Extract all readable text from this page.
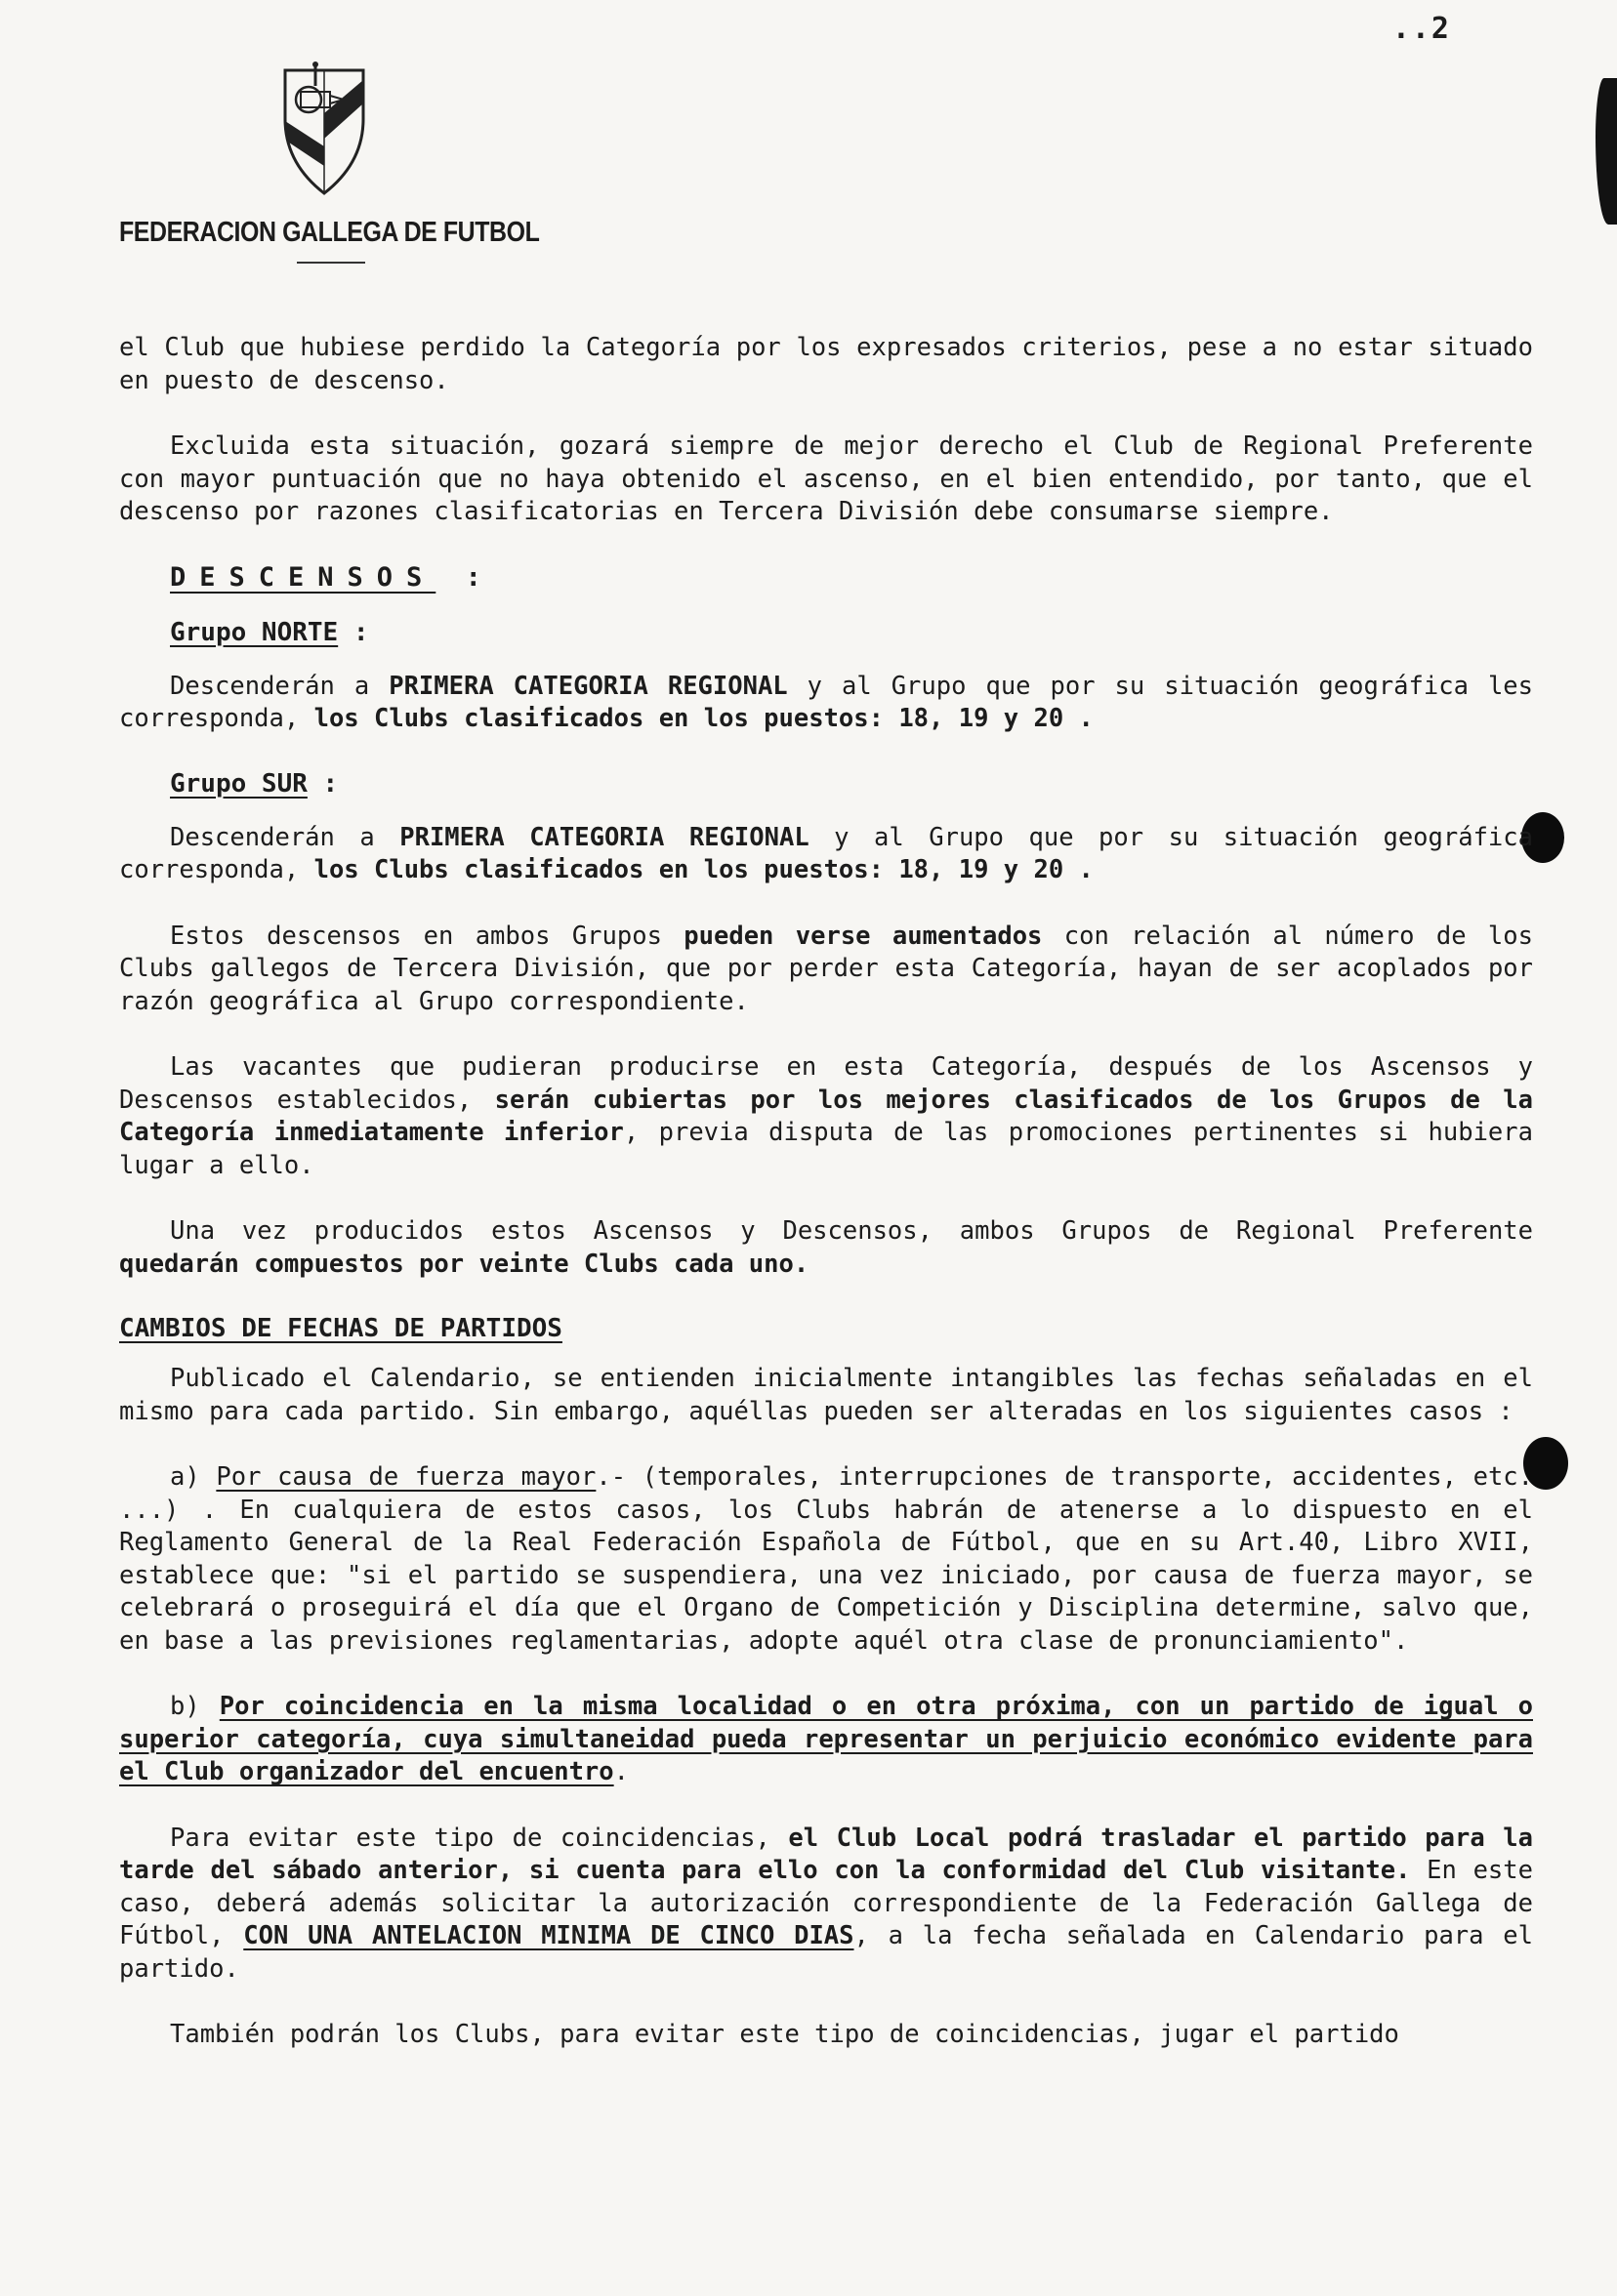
..2
FEDERACION GALLEGA DE FUTBOL

el Club que hubiese perdido la Categoría por los expresados criterios, pese a no estar situado en puesto de descenso.

Excluida esta situación, gozará siempre de mejor derecho el Club de Regional Preferente con mayor puntuación que no haya obtenido el ascenso, en el bien entendido, por tanto, que el descenso por razones clasificatorias en Tercera División debe consumarse siempre.

DESCENSOS :
Grupo NORTE :

Descenderán a PRIMERA CATEGORIA REGIONAL y al Grupo que por su situación geográfica les corresponda, los Clubs clasificados en los puestos: 18, 19 y 20 .

Grupo SUR :

Descenderán a PRIMERA CATEGORIA REGIONAL y al Grupo que por su situación geográfica corresponda, los Clubs clasificados en los puestos: 18, 19 y 20 .

Estos descensos en ambos Grupos pueden verse aumentados con relación al número de los Clubs gallegos de Tercera División, que por perder esta Categoría, hayan de ser acoplados por razón geográfica al Grupo correspondiente.

Las vacantes que pudieran producirse en esta Categoría, después de los Ascensos y Descensos establecidos, serán cubiertas por los mejores clasificados de los Grupos de la Categoría inmediatamente inferior, previa disputa de las promociones pertinentes si hubiera lugar a ello.

Una vez producidos estos Ascensos y Descensos, ambos Grupos de Regional Preferente quedarán compuestos por veinte Clubs cada uno.

CAMBIOS DE FECHAS DE PARTIDOS

Publicado el Calendario, se entienden inicialmente intangibles las fechas señaladas en el mismo para cada partido. Sin embargo, aquéllas pueden ser alteradas en los siguientes casos :

a) Por causa de fuerza mayor.- (temporales, interrupciones de transporte, accidentes, etc. ...) . En cualquiera de estos casos, los Clubs habrán de atenerse a lo dispuesto en el Reglamento General de la Real Federación Española de Fútbol, que en su Art.40, Libro XVII, establece que: "si el partido se suspendiera, una vez iniciado, por causa de fuerza mayor, se celebrará o proseguirá el día que el Organo de Competición y Disciplina determine, salvo que, en base a las previsiones reglamentarias, adopte aquél otra clase de pronunciamiento".

b) Por coincidencia en la misma localidad o en otra próxima, con un partido de igual o superior categoría, cuya simultaneidad pueda representar un perjuicio económico evidente para el Club organizador del encuentro.

Para evitar este tipo de coincidencias, el Club Local podrá trasladar el partido para la tarde del sábado anterior, si cuenta para ello con la conformidad del Club visitante. En este caso, deberá además solicitar la autorización correspondiente de la Federación Gallega de Fútbol, CON UNA ANTELACION MINIMA DE CINCO DIAS, a la fecha señalada en Calendario para el partido.

También podrán los Clubs, para evitar este tipo de coincidencias, jugar el partido
